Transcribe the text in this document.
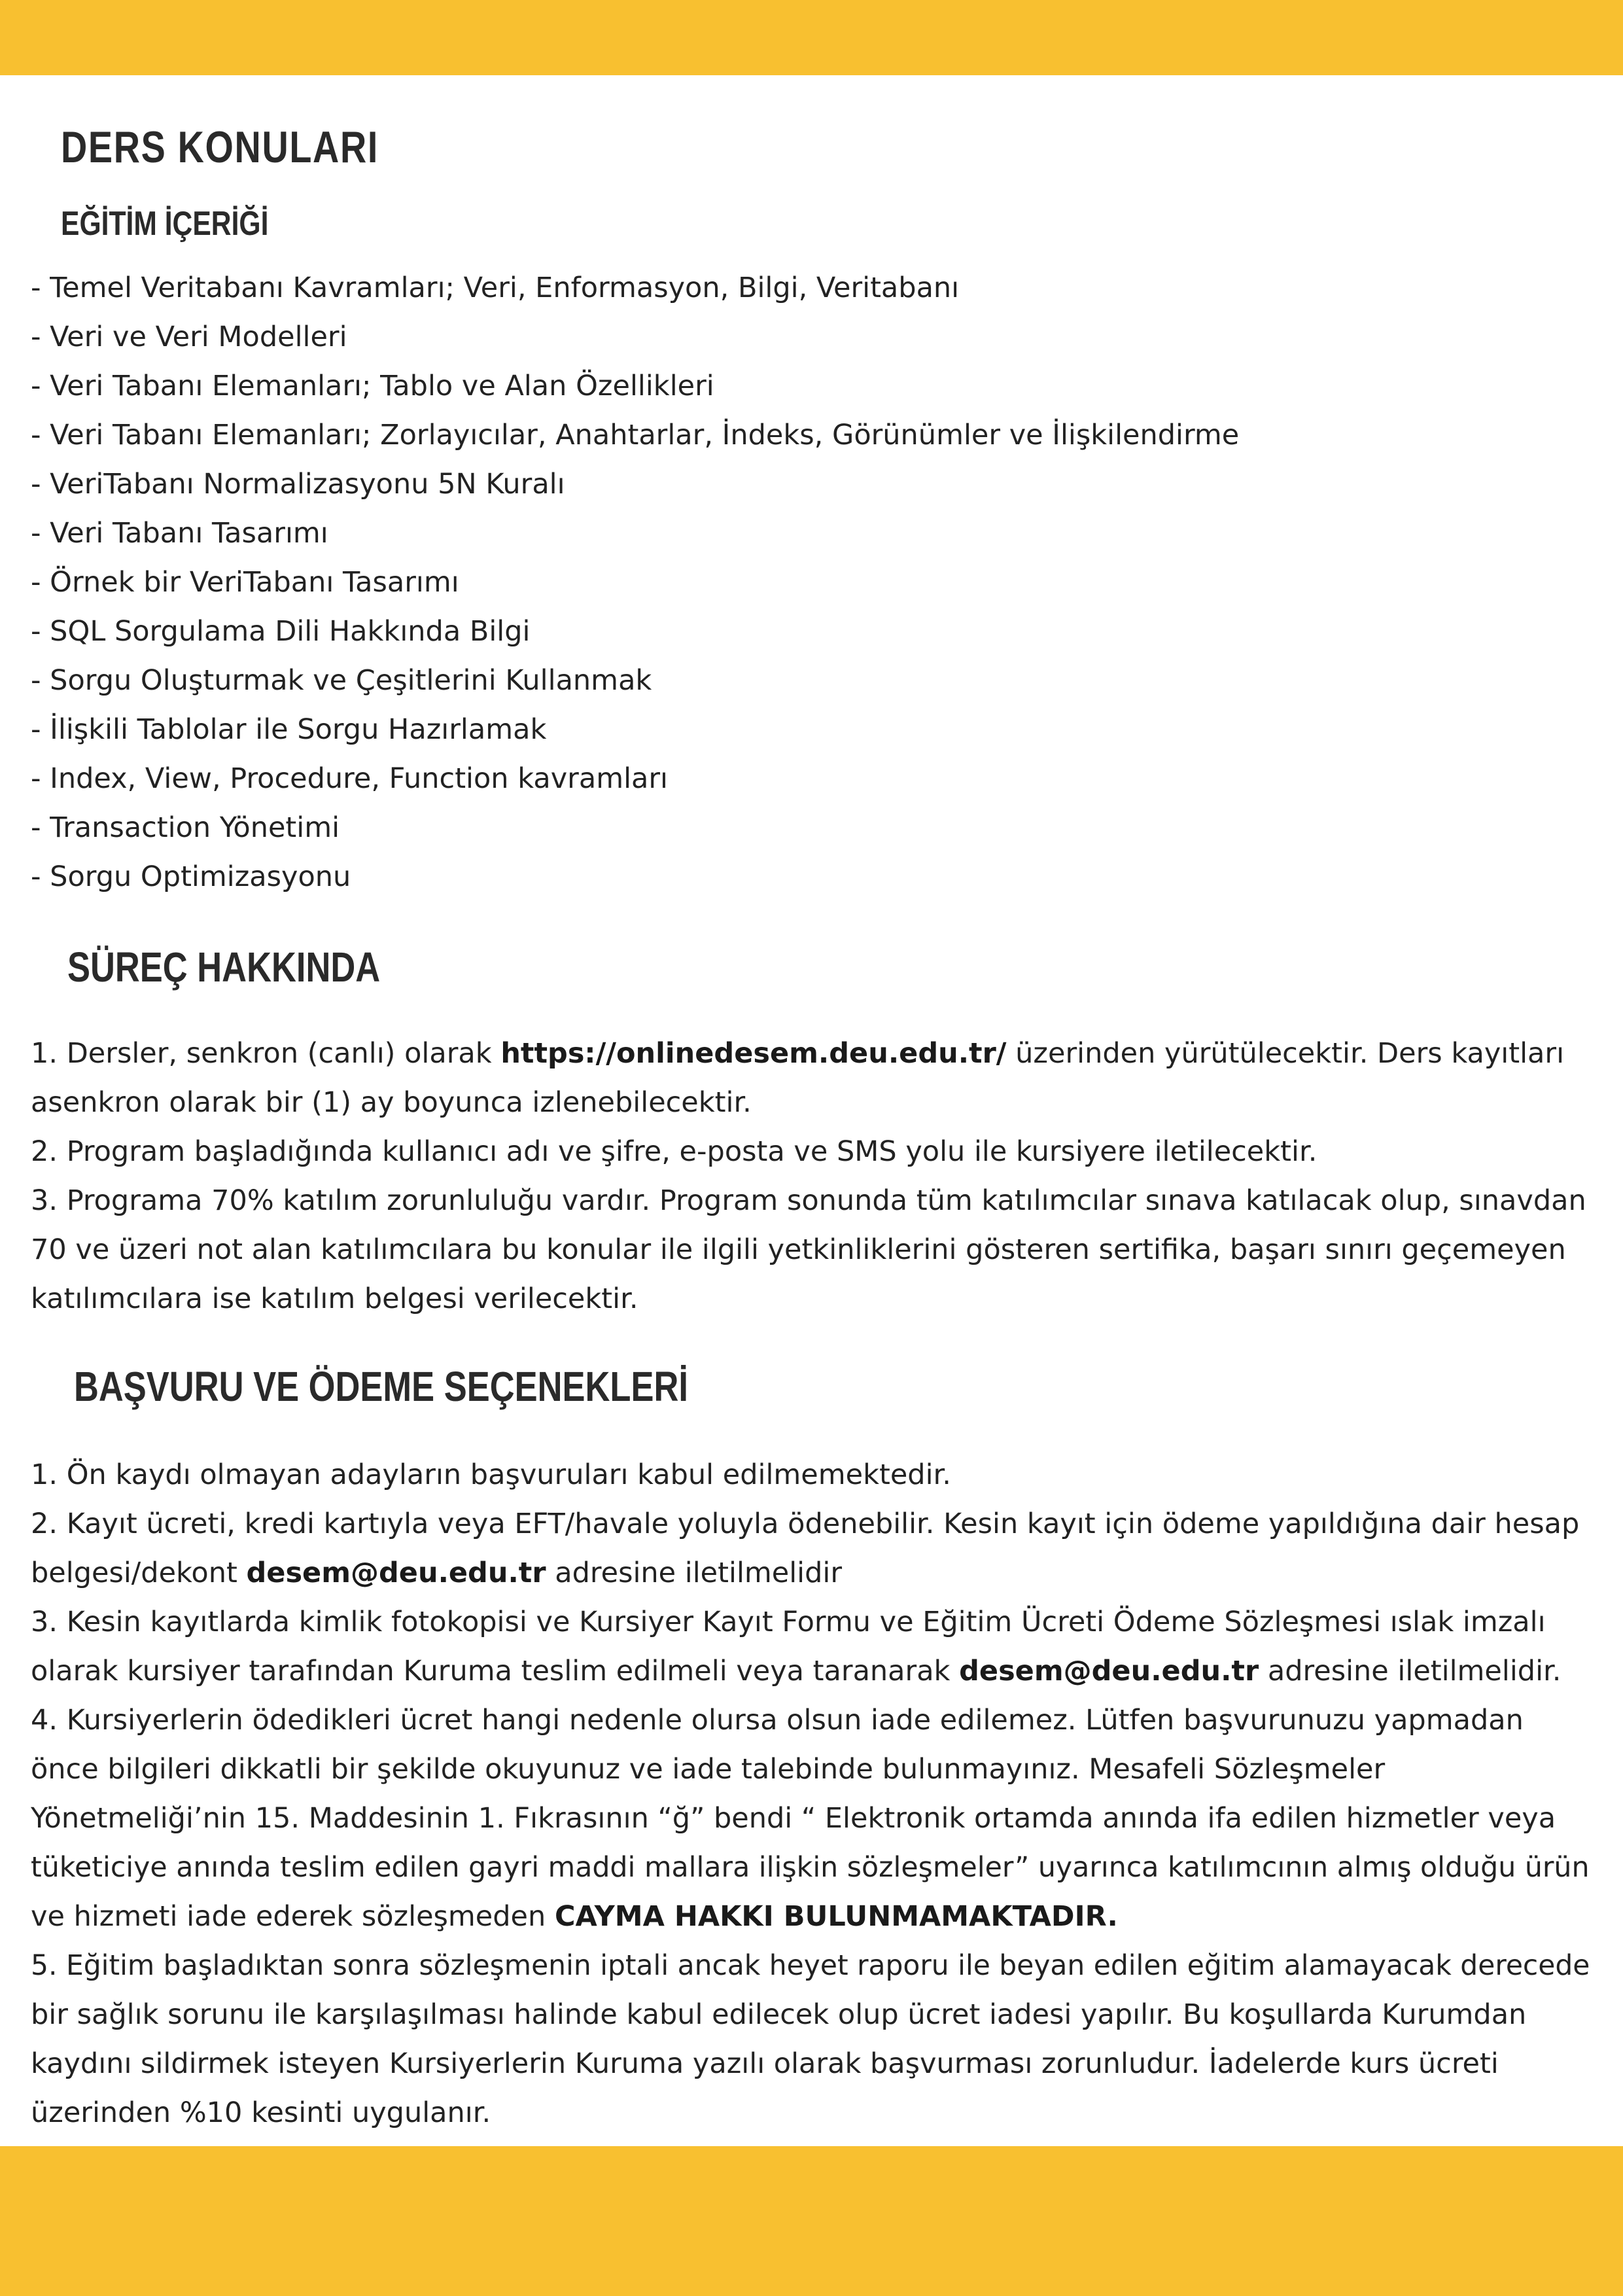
DERS KONULARI
EĞİTİM İÇERİĞİ

- Temel Veritabanı Kavramları; Veri, Enformasyon, Bilgi, Veritabanı

- Veri ve Veri Modelleri

- Veri Tabanı Elemanları; Tablo ve Alan Özellikleri

- Veri Tabanı Elemanları; Zorlayıcılar, Anahtarlar, İndeks, Görünümler ve İlişkilendirme

- VeriTabanı Normalizasyonu 5N Kuralı

- Veri Tabanı Tasarımı

- Örnek bir VeriTabanı Tasarımı

- SQL Sorgulama Dili Hakkında Bilgi

- Sorgu Oluşturmak ve Çeşitlerini Kullanmak

- İlişkili Tablolar ile Sorgu Hazırlamak

- Index, View, Procedure, Function kavramları

- Transaction Yönetimi

- Sorgu Optimizasyonu

SÜREÇ HAKKINDA

1. Dersler, senkron (canlı) olarak https://onlinedesem.deu.edu.tr/ üzerinden yürütülecektir. Ders kayıtları

asenkron olarak bir (1) ay boyunca izlenebilecektir.

2. Program başladığında kullanıcı adı ve şifre, e-posta ve SMS yolu ile kursiyere iletilecektir.

3. Programa 70% katılım zorunluluğu vardır. Program sonunda tüm katılımcılar sınava katılacak olup, sınavdan

70 ve üzeri not alan katılımcılara bu konular ile ilgili yetkinliklerini gösteren sertifika, başarı sınırı geçemeyen

katılımcılara ise katılım belgesi verilecektir.

BAŞVURU VE ÖDEME SEÇENEKLERİ

1. Ön kaydı olmayan adayların başvuruları kabul edilmemektedir.

2. Kayıt ücreti, kredi kartıyla veya EFT/havale yoluyla ödenebilir. Kesin kayıt için ödeme yapıldığına dair hesap

belgesi/dekont desem@deu.edu.tr adresine iletilmelidir

3. Kesin kayıtlarda kimlik fotokopisi ve Kursiyer Kayıt Formu ve Eğitim Ücreti Ödeme Sözleşmesi ıslak imzalı

olarak kursiyer tarafından Kuruma teslim edilmeli veya taranarak desem@deu.edu.tr adresine iletilmelidir.

4. Kursiyerlerin ödedikleri ücret hangi nedenle olursa olsun iade edilemez. Lütfen başvurunuzu yapmadan

önce bilgileri dikkatli bir şekilde okuyunuz ve iade talebinde bulunmayınız. Mesafeli Sözleşmeler

Yönetmeliği’nin 15. Maddesinin 1. Fıkrasının “ğ” bendi “ Elektronik ortamda anında ifa edilen hizmetler veya

tüketiciye anında teslim edilen gayri maddi mallara ilişkin sözleşmeler” uyarınca katılımcının almış olduğu ürün

ve hizmeti iade ederek sözleşmeden CAYMA HAKKI BULUNMAMAKTADIR.

5. Eğitim başladıktan sonra sözleşmenin iptali ancak heyet raporu ile beyan edilen eğitim alamayacak derecede

bir sağlık sorunu ile karşılaşılması halinde kabul edilecek olup ücret iadesi yapılır. Bu koşullarda Kurumdan

kaydını sildirmek isteyen Kursiyerlerin Kuruma yazılı olarak başvurması zorunludur. İadelerde kurs ücreti

üzerinden %10 kesinti uygulanır.
